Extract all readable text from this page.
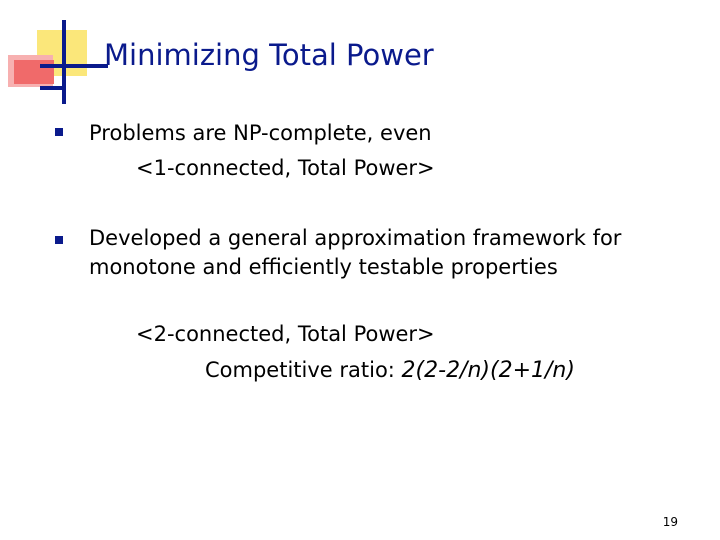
Minimizing Total Power
Problems are NP-complete, even
<1-connected, Total Power>
Developed a general approximation framework for
monotone and efficiently testable properties
<2-connected, Total Power>
Competitive ratio: 2(2-2/n)(2+1/n)
19
